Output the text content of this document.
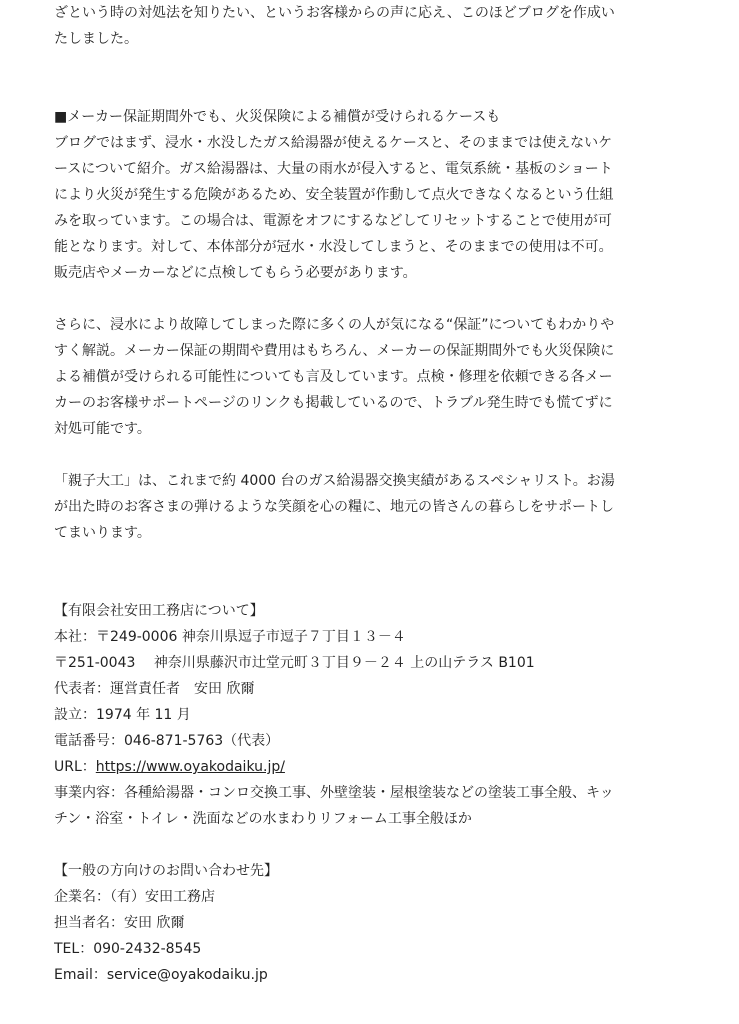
ざという時の対処法を知りたい、というお客様からの声に応え、このほどブログを作成い
たしました。
■メーカー保証期間外でも、火災保険による補償が受けられるケースも
ブログではまず、浸水・水没したガス給湯器が使えるケースと、そのままでは使えないケ
ースについて紹介。ガス給湯器は、大量の雨水が侵入すると、電気系統・基板のショート
により火災が発生する危険があるため、安全装置が作動して点火できなくなるという仕組
みを取っています。この場合は、電源をオフにするなどしてリセットすることで使用が可
能となります。対して、本体部分が冠水・水没してしまうと、そのままでの使用は不可。
販売店やメーカーなどに点検してもらう必要があります。
さらに、浸水により故障してしまった際に多くの人が気になる“保証”についてもわかりや
すく解説。メーカー保証の期間や費用はもちろん、メーカーの保証期間外でも火災保険に
よる補償が受けられる可能性についても言及しています。点検・修理を依頼できる各メー
カーのお客様サポートページのリンクも掲載しているので、トラブル発生時でも慌てずに
対処可能です。
「親子大工」は、これまで約 4000 台のガス給湯器交換実績があるスペシャリスト。お湯
が出た時のお客さまの弾けるような笑顔を心の糧に、地元の皆さんの暮らしをサポートし
てまいります。
【有限会社安田工務店について】
本社：〒249-0006 神奈川県逗子市逗子７丁目１３－４
〒251-0043　 神奈川県藤沢市辻堂元町３丁目９－２４ 上の山テラス B101
代表者：運営責任者　安田 欣爾
設立：1974 年 11 月
電話番号：046-871-5763（代表）
URL：https://www.oyakodaiku.jp/
事業内容：各種給湯器・コンロ交換工事、外壁塗装・屋根塗装などの塗装工事全般、キッ
チン・浴室・トイレ・洗面などの水まわりリフォーム工事全般ほか
【一般の方向けのお問い合わせ先】
企業名：（有）安田工務店
担当者名：安田 欣爾
TEL：090-2432-8545
Email：service@oyakodaiku.jp
